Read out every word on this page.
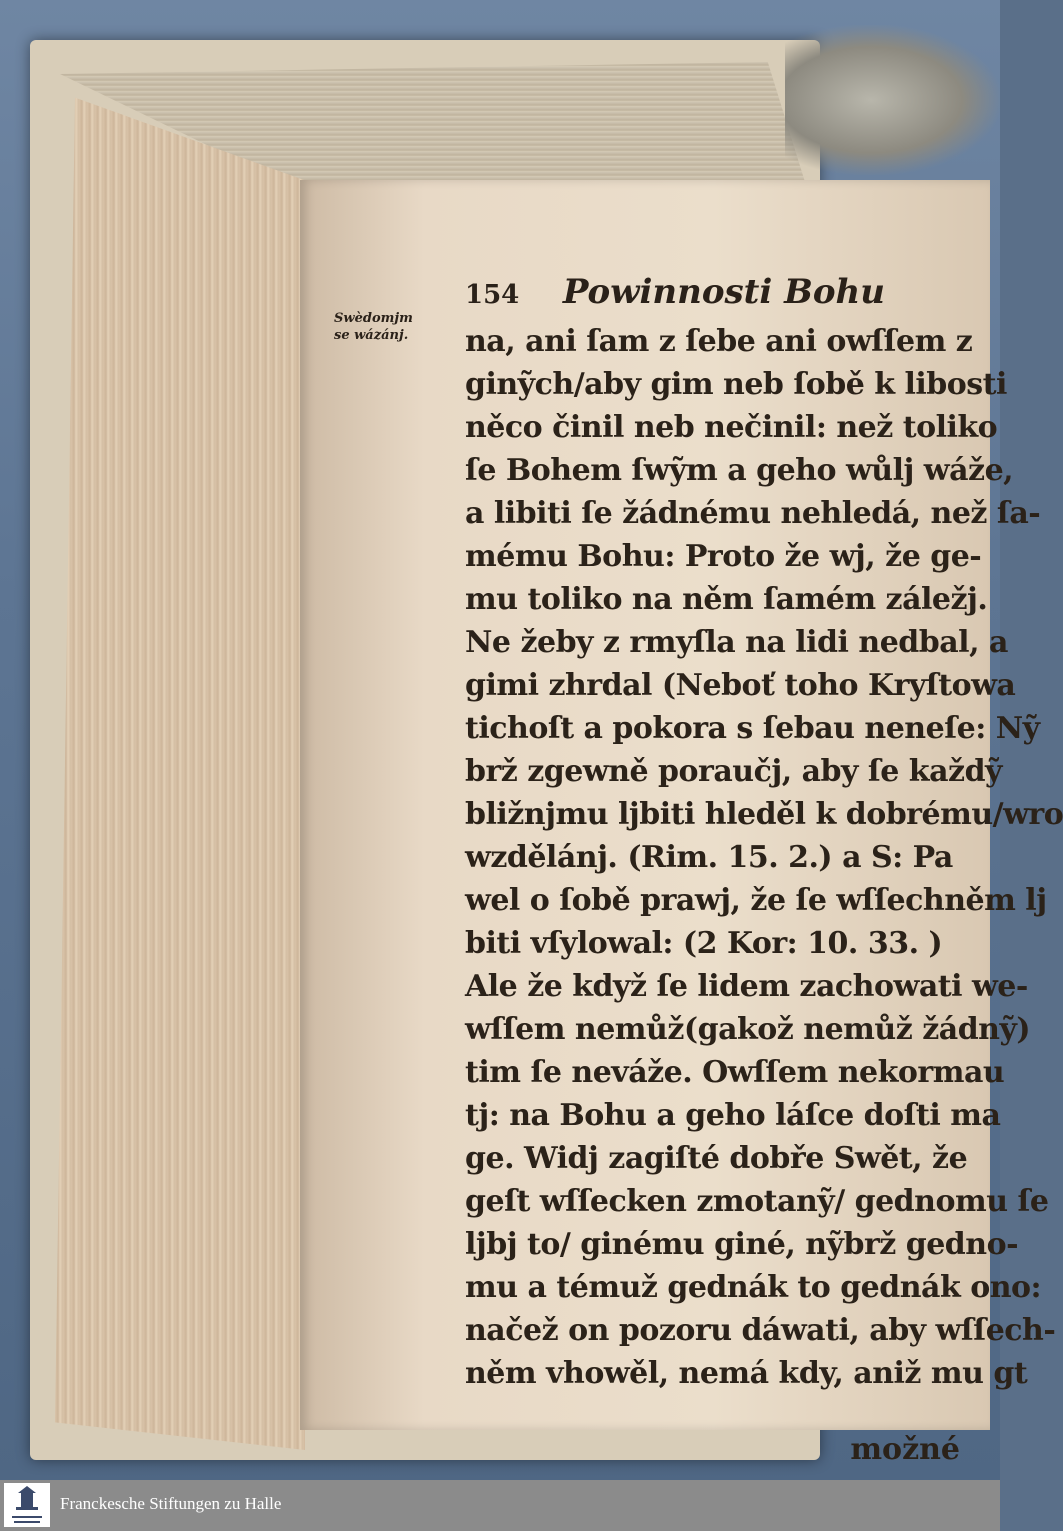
154 Powinnosti Bohu
Swèdomjm
se wázánj.	na, ani ſam z ſebe ani owſſem z
ginỹch/aby gim neb ſobě k libosti
něco činil neb nečinil: než toliko
ſe Bohem ſwỹm a geho wůlj wáže,
a libiti ſe žádnému nehledá, než ſa-
mému Bohu: Proto že wj, že ge-
mu toliko na něm ſamém záležj.
Ne žeby z rmyſla na lidi nedbal, a
gimi zhrdal (Neboť toho Kryſtowa
tichoſt a pokora s ſebau neneſe: Nỹ
brž zgewně poraučj, aby ſe každỹ
bližnjmu ljbiti hleděl k dobrému/wro
wzdělánj. (Rim. 15. 2.) a S: Pa
wel o ſobě prawj, že ſe wſſechněm lj
biti vſylowal: (2 Kor: 10. 33. )
Ale že když ſe lidem zachowati we-
wſſem nemůž(gakož nemůž žádnỹ)
tim ſe neváže. Owſſem nekormau
tj: na Bohu a geho láſce doſti ma
ge. Widj zagiſté dobře Swět, že
geſt wſſecken zmotanỹ/ gednomu ſe
ljbj to/ ginému giné, nỹbrž gedno-
mu a témuž gednák to gednák ono:
načež on pozoru dáwati, aby wſſech-
něm vhowěl, nemá kdy, aniž mu gt
možné
Franckesche Stiftungen zu Halle
